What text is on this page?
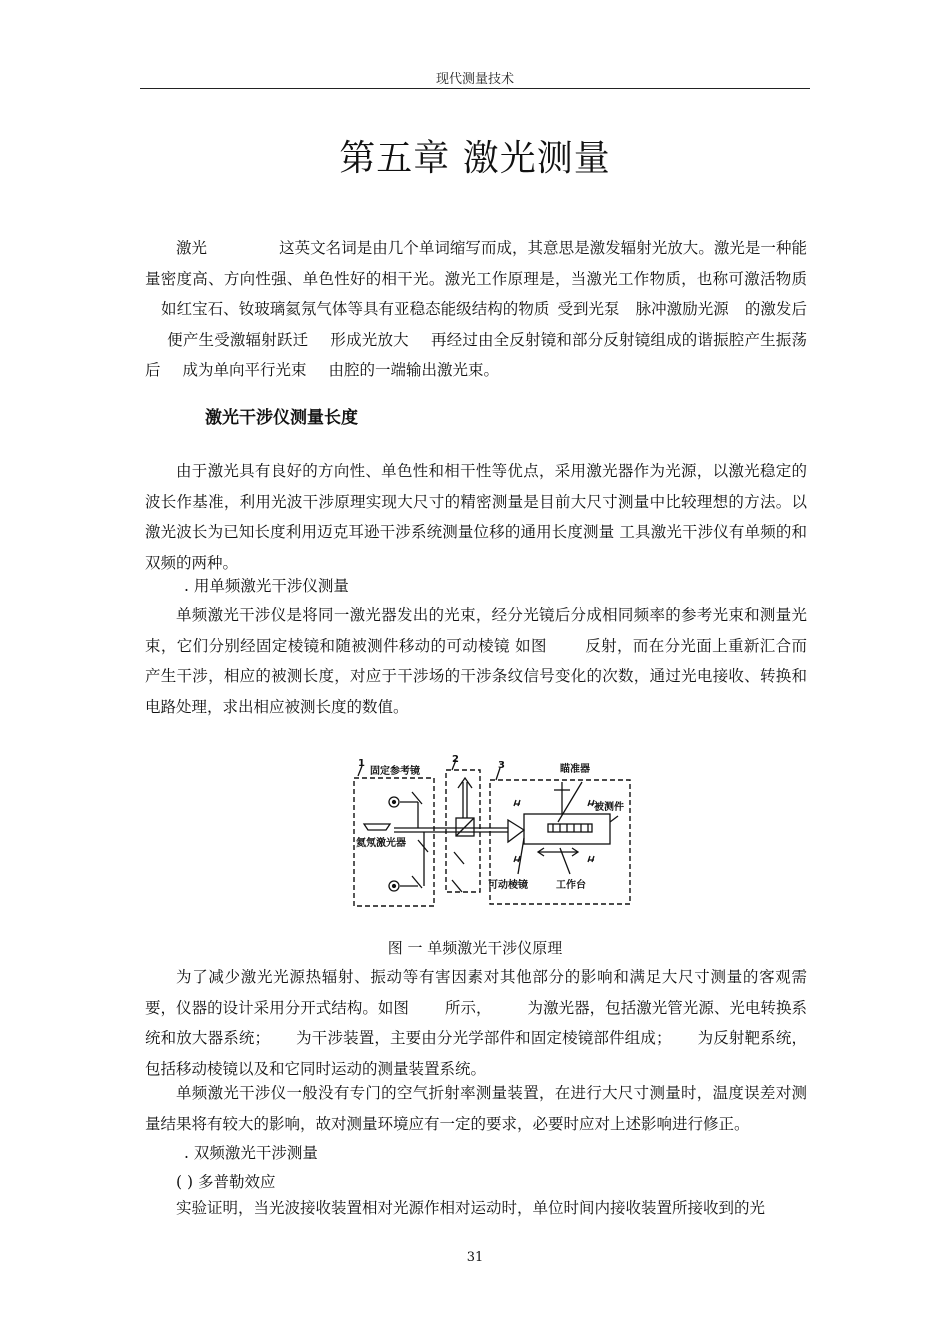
现代测量技术
第五章 激光测量

激光	这英文名词是由几个单词缩写而成，其意思是激发辐射光放大。激光是一种能量密度高、方向性强、单色性好的相干光。激光工作原理是，当激光工作物质，也称可激活物质如红宝石、钕玻璃氦氖气体等具有亚稳态能级结构的物质 受到光泵 脉冲激励光源 的激发后便产生受激辐射跃迁 形成光放大 再经过由全反射镜和部分反射镜组成的谐振腔产生振荡后 成为单向平行光束 由腔的一端输出激光束。

激光干涉仪测量长度

由于激光具有良好的方向性、单色性和相干性等优点，采用激光器作为光源，以激光稳定的波长作基准，利用光波干涉原理实现大尺寸的精密测量是目前大尺寸测量中比较理想的方法。以激光波长为已知长度利用迈克耳逊干涉系统测量位移的通用长度测量 工具激光干涉仪有单频的和双频的两种。

. 用单频激光干涉仪测量

单频激光干涉仪是将同一激光器发出的光束，经分光镜后分成相同频率的参考光束和测量光束，它们分别经固定棱镜和随被测件移动的可动棱镜 如图 反射，而在分光面上重新汇合而产生干涉，相应的被测长度，对应于干涉场的干涉条纹信号变化的次数，通过光电接收、转换和电路处理，求出相应被测长度的数值。

1	2
3
固定参考镜	瞄准器
氦氖激光器
被测件
可动棱镜	工作台
图 一 单频激光干涉仪原理

为了减少激光光源热辐射、振动等有害因素对其他部分的影响和满足大尺寸测量的客观需要，仪器的设计采用分开式结构。如图 所示， 为激光器，包括激光管光源、光电转换系统和放大器系统； 为干涉装置，主要由分光学部件和固定棱镜部件组成； 为反射靶系统，包括移动棱镜以及和它同时运动的测量装置系统。

单频激光干涉仪一般没有专门的空气折射率测量装置，在进行大尺寸测量时，温度误差对测量结果将有较大的影响，故对测量环境应有一定的要求，必要时应对上述影响进行修正。

. 双频激光干涉测量
( ) 多普勒效应

实验证明，当光波接收装置相对光源作相对运动时，单位时间内接收装置所接收到的光

31
